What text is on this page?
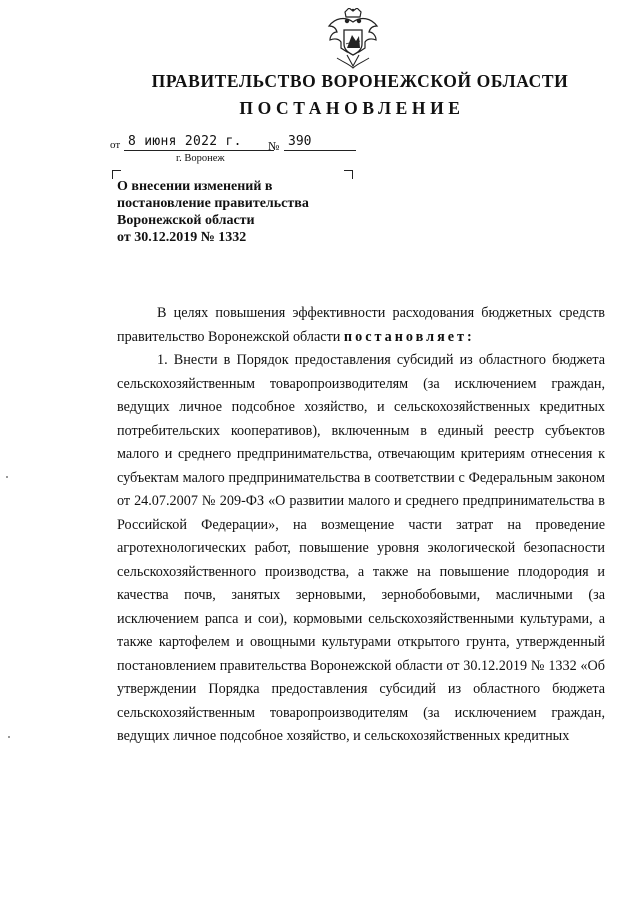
ПРАВИТЕЛЬСТВО ВОРОНЕЖСКОЙ ОБЛАСТИ
ПОСТАНОВЛЕНИЕ
от 8 июня 2022 г.	№ 390
г. Воронеж
О внесении изменений в
постановление правительства
Воронежской области
от 30.12.2019 № 1332

В целях повышения эффективности расходования бюджетных средств правительство Воронежской области постановляет:

1. Внести в Порядок предоставления субсидий из областного бюджета сельскохозяйственным товаропроизводителям (за исключением граждан, ведущих личное подсобное хозяйство, и сельскохозяйственных кредитных потребительских кооперативов), включенным в единый реестр субъектов малого и среднего предпринимательства, отвечающим критериям отнесения к субъектам малого предпринимательства в соответствии с Федеральным законом от 24.07.2007 № 209-ФЗ «О развитии малого и среднего предпринимательства в Российской Федерации», на возмещение части затрат на проведение агротехнологических работ, повышение уровня экологической безопасности сельскохозяйственного производства, а также на повышение плодородия и качества почв, занятых зерновыми, зернобобовыми, масличными (за исключением рапса и сои), кормовыми сельскохозяйственными культурами, а также картофелем и овощными культурами открытого грунта, утвержденный постановлением правительства Воронежской области от 30.12.2019 № 1332 «Об утверждении Порядка предоставления субсидий из областного бюджета сельскохозяйственным товаропроизводителям (за исключением граждан, ведущих личное подсобное хозяйство, и сельскохозяйственных кредитных
